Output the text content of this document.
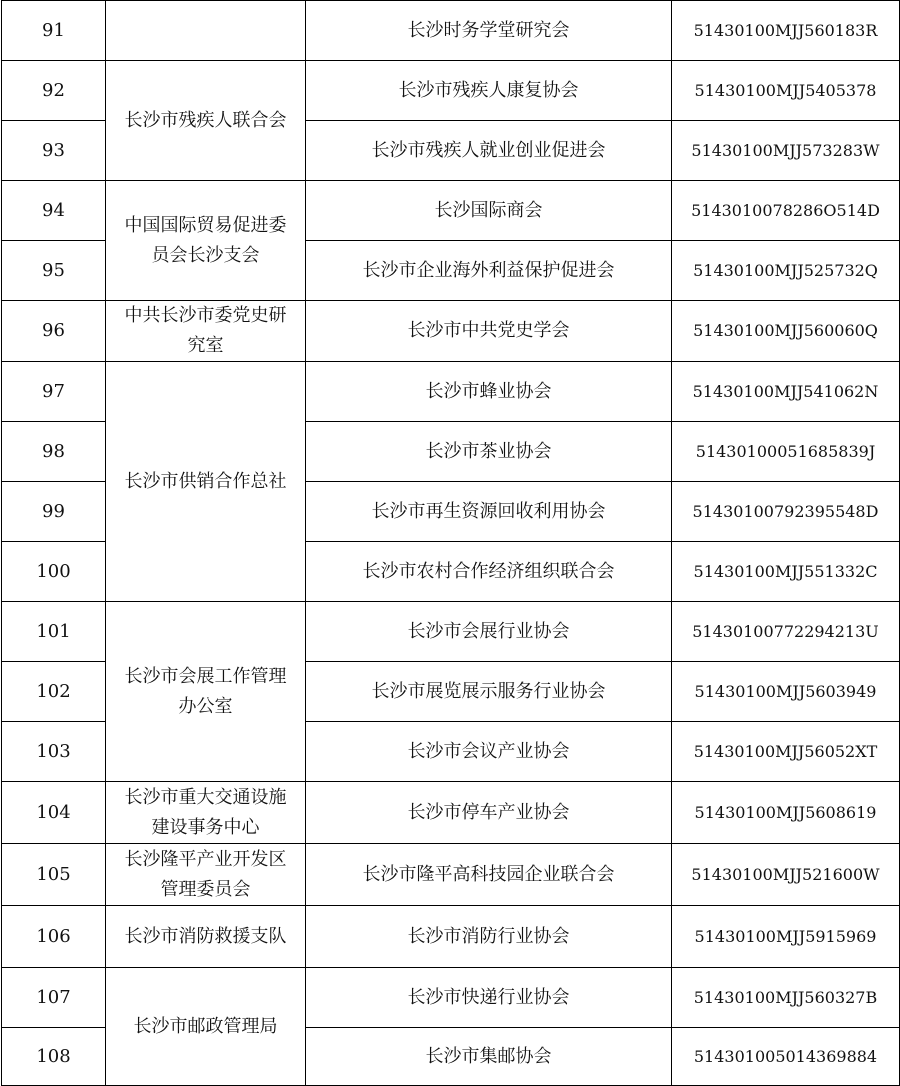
91		长沙时务学堂研究会	51430100MJJ560183R
92	长沙市残疾人联合会	长沙市残疾人康复协会	51430100MJJ5405378
93		长沙市残疾人就业创业促进会	51430100MJJ573283W
94	中国国际贸易促进委员会长沙支会	长沙国际商会	5143010078286O514D
95		长沙市企业海外利益保护促进会	51430100MJJ525732Q
96	中共长沙市委党史研究室	长沙市中共党史学会	51430100MJJ560060Q
97	长沙市供销合作总社	长沙市蜂业协会	51430100MJJ541062N
98		长沙市茶业协会	51430100051685839J
99		长沙市再生资源回收利用协会	51430100792395548D
100		长沙市农村合作经济组织联合会	51430100MJJ551332C
101	长沙市会展工作管理办公室	长沙市会展行业协会	51430100772294213U
102		长沙市展览展示服务行业协会	51430100MJJ5603949
103		长沙市会议产业协会	51430100MJJ56052XT
104	长沙市重大交通设施建设事务中心	长沙市停车产业协会	51430100MJJ5608619
105	长沙隆平产业开发区管理委员会	长沙市隆平高科技园企业联合会	51430100MJJ521600W
106	长沙市消防救援支队	长沙市消防行业协会	51430100MJJ5915969
107	长沙市邮政管理局	长沙市快递行业协会	51430100MJJ560327B
108		长沙市集邮协会	514301005014369884
